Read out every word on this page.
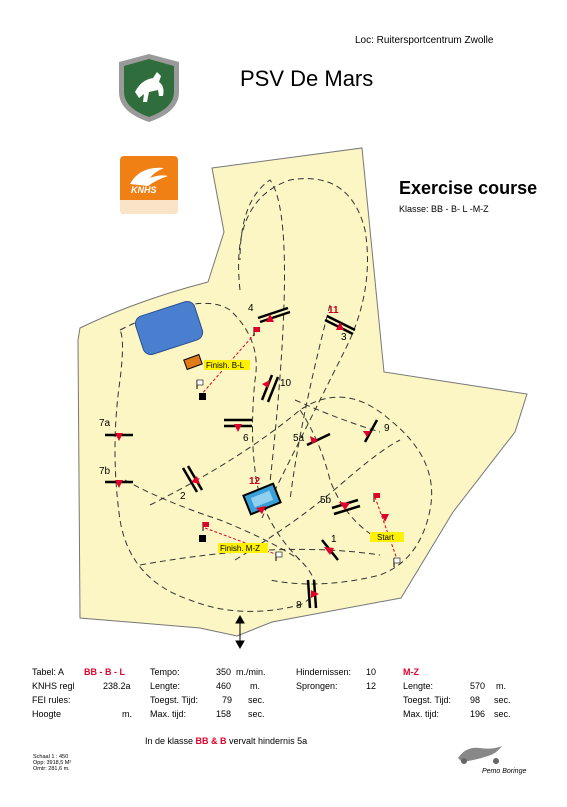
KNHS
Loc: Ruitersportcentrum Zwolle
PSV De Mars
Exercise course
Klasse: BB - B- L -M-Z
Finish. B-L
Finish. M-Z
Start
4
3
11
10
6	5a
9
7a
7b
2
12
5b
1
8
Tabel: A BB - B - L
KNHS regl	238.2a
FEI rules:
Hoogte	m.
Tempo:	350 m./min.
Lengte:	460 m.
Toegst. Tijd:	79 sec.
Max. tijd:	158 sec.
Hindernissen: 10
Sprongen:	12
M-Z
Lengte:	570 m.
Toegst. Tijd: 98 sec.
Max. tijd:	196 sec.
In de klasse BB & B vervalt hindernis 5a
Schaal 1 : 450
Opp: 3918,5 M²
Omtr: 281,6 m.	Pemo Boringe
